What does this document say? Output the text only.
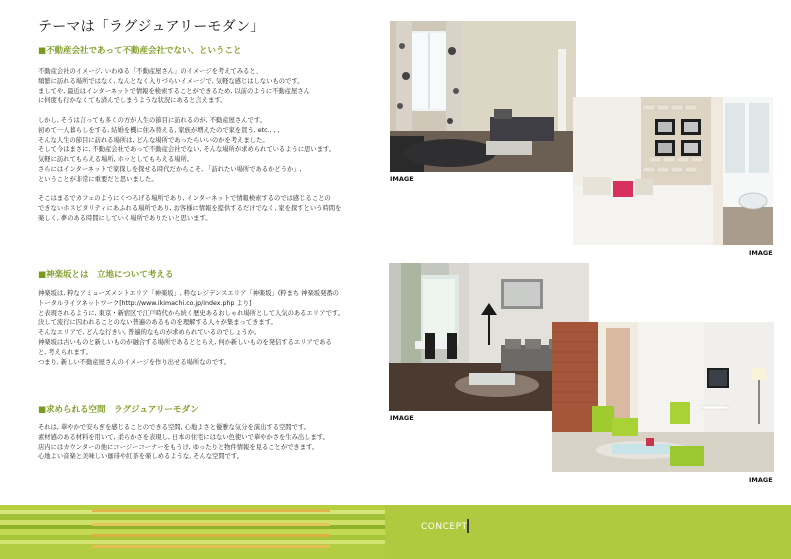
テーマは「ラグジュアリーモダン」
■不動産会社であって不動産会社でない、ということ

不動産会社のイメージ, いわゆる「不動産屋さん」のイメージを考えてみると、

頻繁に訪れる場所ではなく, なんとなく入りづらいイメージで, 気軽な感じはしないものです。

ましてや, 最近はインターネットで情報を検索することができるため, 以前のように不動産屋さん

に何度も行かなくても済んでしまうような状況にあると言えます。

しかし, そうは言っても多くの方が人生の節目に訪れるのが, 不動産屋さんです。

初めて一人暮らしをする, 結婚を機に住み替える, 家族が増えたので家を買う, etc., , ,

そんな人生の節目に訪れる場所は, どんな場所であったらいいのかを考えました。

そして今はまさに, 不動産会社であって不動産会社でない, そんな場所が求められているように思います。

気軽に訪れてもらえる場所, ホッとしてもらえる場所。

さらにはインターネットで家探しを探せる時代だからこそ, 「訪れたい場所であるかどうか」,

ということが非常に重要だと思いました。

そこはまるでカフェのようにくつろげる場所であり, インターネットで情報検索するのでは感じることの

できないホスピタリティにあふれる場所であり, お客様に情報を提供するだけでなく, 家を探すという時間を

楽しく, 夢のある時間にしていく場所でありたいと思います。

■神楽坂とは　立地について考える

神楽坂は, 粋なアミューズメントエリア「神楽坂」, 粋なレジデンスエリア「神楽坂」(粋まち 神楽坂発番の

トータルライフネットワーク[http://www.ikimachi.co.jp/index.php より]

と表現されるように, 東京・新宿区で江戸時代から続く歴史あるおしゃれ場所として人気のあるエリアです。

決して流行に囚われることのない普遍のあるものを理解する人々が集まってきます。

そんなエリアで, どんな行きい, 普遍的なものが求められているのでしょうか。

神楽坂は古いものと新しいものが融合する場所であるととらえ, 何か新しいものを発信するエリアである

と, 考えられます。

つまり, 新しい不動産屋さんのイメージを作り出せる場所なのです。

■求められる空間　ラグジュアリーモダン

それは, 華やかで安らぎを感じることのできる空間, 心地よさと優雅な気分を演出する空間です。

素材感のある材料を用いて, 柔らかさを表現し, 日本の住宅にはない色使いで華やかさを生み出します。

店内にはカウンターの他にコージーコーナーをもうけ, ゆったりと物件情報を見ることができます。

心地よい音楽と美味しい珈琲や紅茶を楽しめるような, そんな空間です。

IMAGE
IMAGE
IMAGE
IMAGE
CONCEPT
